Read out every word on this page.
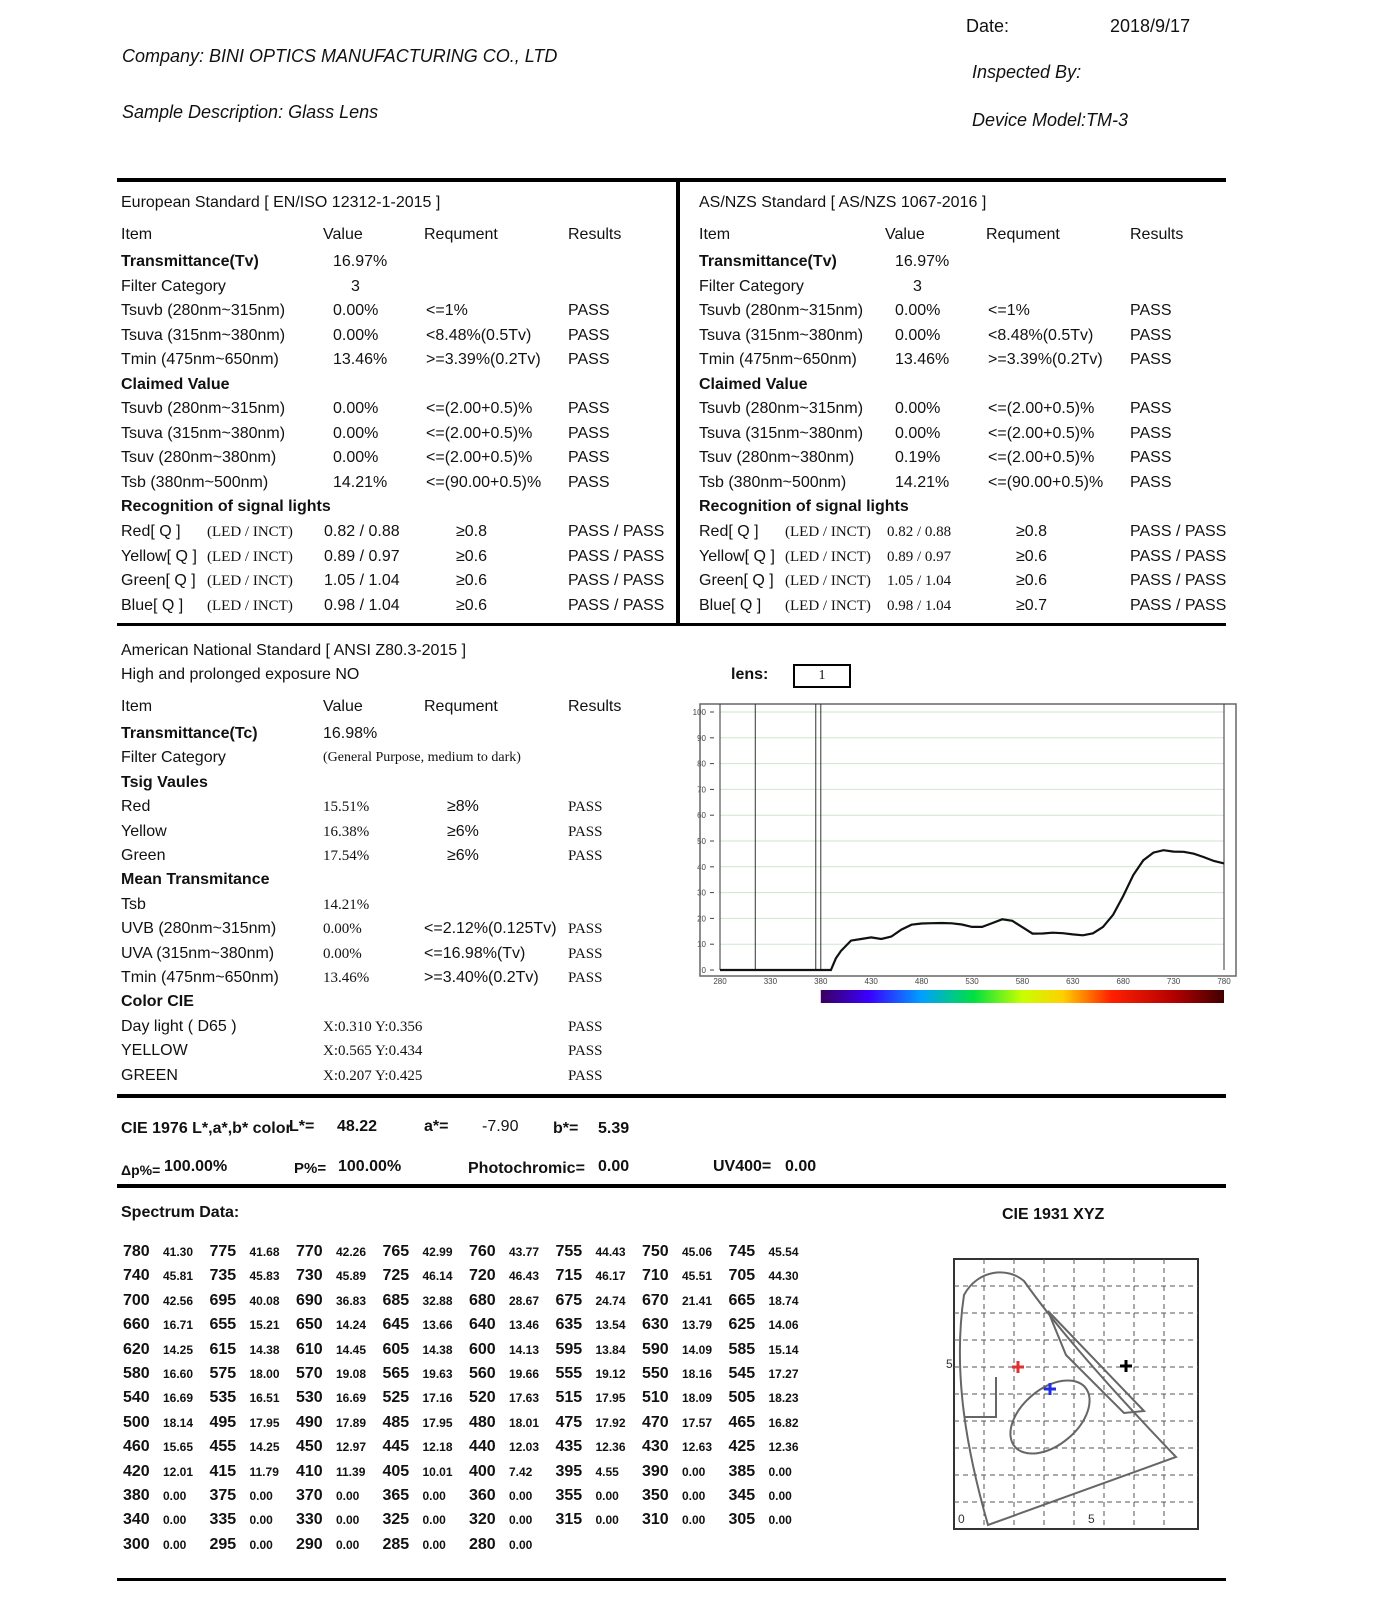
Date:	2018/9/17
Company: BINI OPTICS MANUFACTURING CO., LTD
Inspected By:
Sample Description: Glass Lens	Device Model:TM-3
European Standard [ EN/ISO 12312-1-2015 ]
Item	Value	Requment	Results
Transmittance(Tv)	16.97%
Filter Category	3
Tsuvb (280nm~315nm)	0.00%	<=1%	PASS
Tsuva (315nm~380nm)	0.00%	<8.48%(0.5Tv) PASS
Tmin (475nm~650nm)	13.46% >=3.39%(0.2Tv) PASS
Claimed Value
Tsuvb (280nm~315nm)	0.00%	<=(2.00+0.5)% PASS
Tsuva (315nm~380nm)	0.00%	<=(2.00+0.5)% PASS
Tsuv (280nm~380nm)	0.00%	<=(2.00+0.5)% PASS
Tsb (380nm~500nm)	14.21% <=(90.00+0.5)% PASS
Recognition of signal lights
Red[ Q ] (LED / INCT) 0.82 / 0.88	≥0.8	PASS / PASS
Yellow[ Q ] (LED / INCT) 0.89 / 0.97	≥0.6	PASS / PASS
Green[ Q ] (LED / INCT) 1.05 / 1.04	≥0.6	PASS / PASS
Blue[ Q ] (LED / INCT) 0.98 / 1.04	≥0.6	PASS / PASS
AS/NZS Standard [ AS/NZS 1067-2016 ]
Item	Value	Requment	Results
Transmittance(Tv)	16.97%
Filter Category	3
Tsuvb (280nm~315nm) 0.00%	<=1%	PASS
Tsuva (315nm~380nm) 0.00%	<8.48%(0.5Tv) PASS
Tmin (475nm~650nm) 13.46% >=3.39%(0.2Tv) PASS
Claimed Value
Tsuvb (280nm~315nm) 0.00%	<=(2.00+0.5)% PASS
Tsuva (315nm~380nm) 0.00%	<=(2.00+0.5)% PASS
Tsuv (280nm~380nm)	0.19%	<=(2.00+0.5)% PASS
Tsb (380nm~500nm)	14.21% <=(90.00+0.5)% PASS
Recognition of signal lights
Red[ Q ] (LED / INCT) 0.82 / 0.88	≥0.8	PASS / PASS
Yellow[ Q ] (LED / INCT) 0.89 / 0.97	≥0.6	PASS / PASS
Green[ Q ] (LED / INCT) 1.05 / 1.04	≥0.6	PASS / PASS
Blue[ Q ] (LED / INCT) 0.98 / 1.04	≥0.7	PASS / PASS
American National Standard [ ANSI Z80.3-2015 ]
High and prolonged exposure NO
Item	Value	Requment	Results
Transmittance(Tc)	16.98%
Filter Category	(General Purpose, medium to dark)
Tsig Vaules
Red	15.51%	≥8%	PASS
Yellow	16.38%	≥6%	PASS
Green	17.54%	≥6%	PASS
Mean Transmitance
Tsb	14.21%
UVB (280nm~315nm)	0.00%	<=2.12%(0.125Tv) PASS
UVA (315nm~380nm)	0.00%	<=16.98%(Tv)	PASS
Tmin (475nm~650nm)	13.46%	>=3.40%(0.2Tv) PASS
Color CIE
Day light ( D65 )	X:0.310 Y:0.356	PASS
YELLOW	X:0.565 Y:0.434	PASS
GREEN	X:0.207 Y:0.425	PASS
lens:	1
0
10
20
30
40
50
60
70
80
90
100
280	330	380	430	480	530	580	630	680	730	780
CIE 1976 L*,a*,b* color
L*= 48.22	a*= -7.90 b*= 5.39
Δp%= 100.00%	P%= 100.00%	Photochromic= 0.00	UV400= 0.00
Spectrum Data:
780 41.30 775 41.68 770 42.26 765 42.99 760 43.77 755 44.43 750 45.06 745 45.54
740 45.81 735 45.83 730 45.89 725 46.14 720 46.43 715 46.17 710 45.51 705 44.30
700 42.56 695 40.08 690 36.83 685 32.88 680 28.67 675 24.74 670 21.41 665 18.74
660 16.71 655 15.21 650 14.24 645 13.66 640 13.46 635 13.54 630 13.79 625 14.06
620 14.25 615 14.38 610 14.45 605 14.38 600 14.13 595 13.84 590 14.09 585 15.14
580 16.60 575 18.00 570 19.08 565 19.63 560 19.66 555 19.12 550 18.16 545 17.27
540 16.69 535 16.51 530 16.69 525 17.16 520 17.63 515 17.95 510 18.09 505 18.23
500 18.14 495 17.95 490 17.89 485 17.95 480 18.01 475 17.92 470 17.57 465 16.82
460 15.65 455 14.25 450 12.97 445 12.18 440 12.03 435 12.36 430 12.63 425 12.36
420 12.01 415 11.79 410 11.39 405 10.01 400 7.42 395 4.55 390 0.00 385 0.00
380 0.00 375 0.00 370 0.00 365 0.00 360 0.00 355 0.00 350 0.00 345 0.00
340 0.00 335 0.00 330 0.00 325 0.00 320 0.00 315 0.00 310 0.00 305 0.00
300 0.00 295 0.00 290 0.00 285 0.00 280 0.00
CIE 1931 XYZ
5
0	5
